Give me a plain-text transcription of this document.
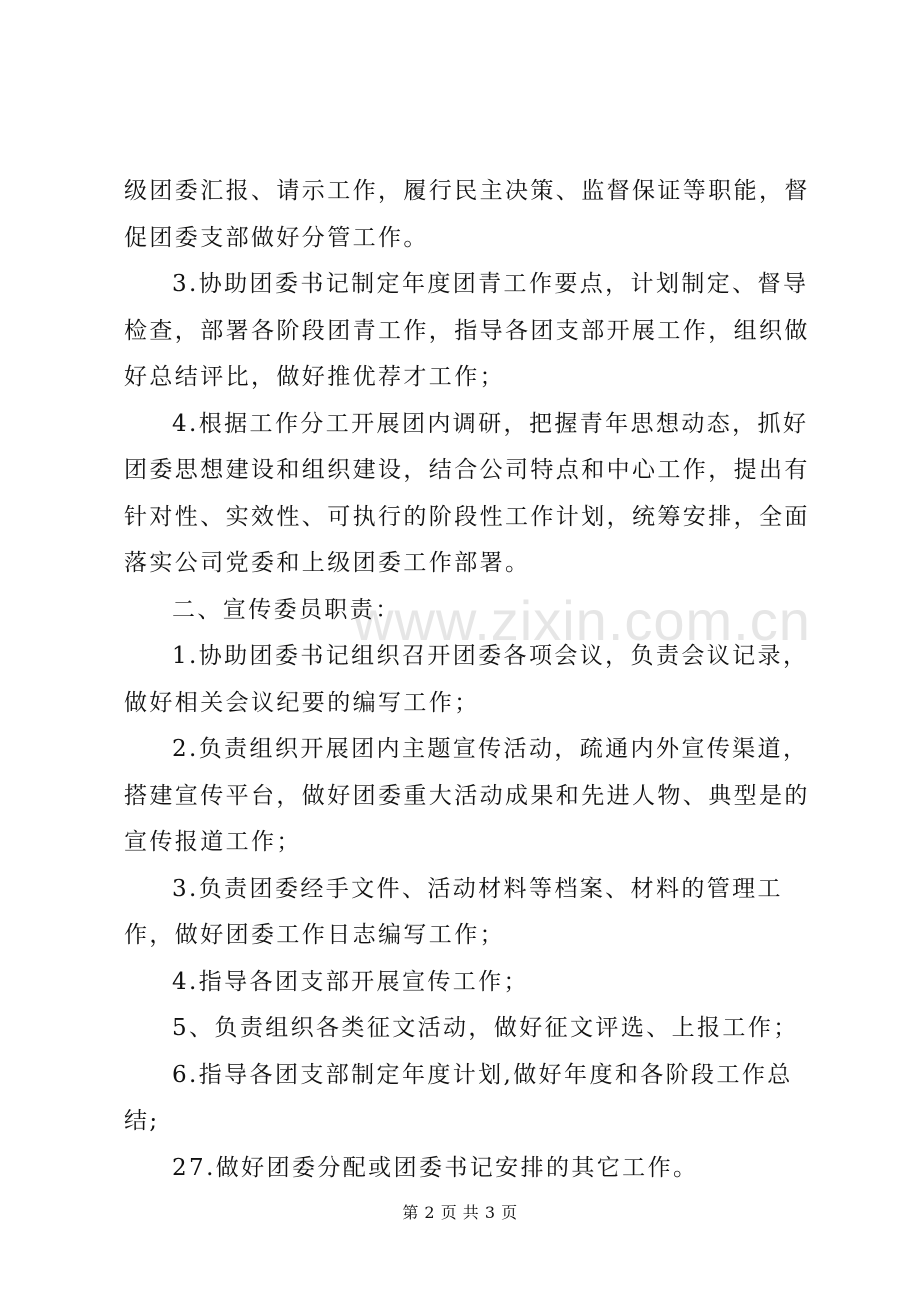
www.zixin.com.cn

级团委汇报、请示工作，履行民主决策、监督保证等职能，督促团委支部做好分管工作。

3.协助团委书记制定年度团青工作要点，计划制定、督导检查，部署各阶段团青工作，指导各团支部开展工作，组织做好总结评比，做好推优荐才工作；

4.根据工作分工开展团内调研，把握青年思想动态，抓好团委思想建设和组织建设，结合公司特点和中心工作，提出有针对性、实效性、可执行的阶段性工作计划，统筹安排，全面落实公司党委和上级团委工作部署。

二、宣传委员职责：

1.协助团委书记组织召开团委各项会议，负责会议记录，做好相关会议纪要的编写工作；

2.负责组织开展团内主题宣传活动，疏通内外宣传渠道，搭建宣传平台，做好团委重大活动成果和先进人物、典型是的宣传报道工作；

3.负责团委经手文件、活动材料等档案、材料的管理工作，做好团委工作日志编写工作；

4.指导各团支部开展宣传工作；

5、负责组织各类征文活动，做好征文评选、上报工作；

6.指导各团支部制定年度计划,做好年度和各阶段工作总结;

27.做好团委分配或团委书记安排的其它工作。

第 2 页 共 3 页
